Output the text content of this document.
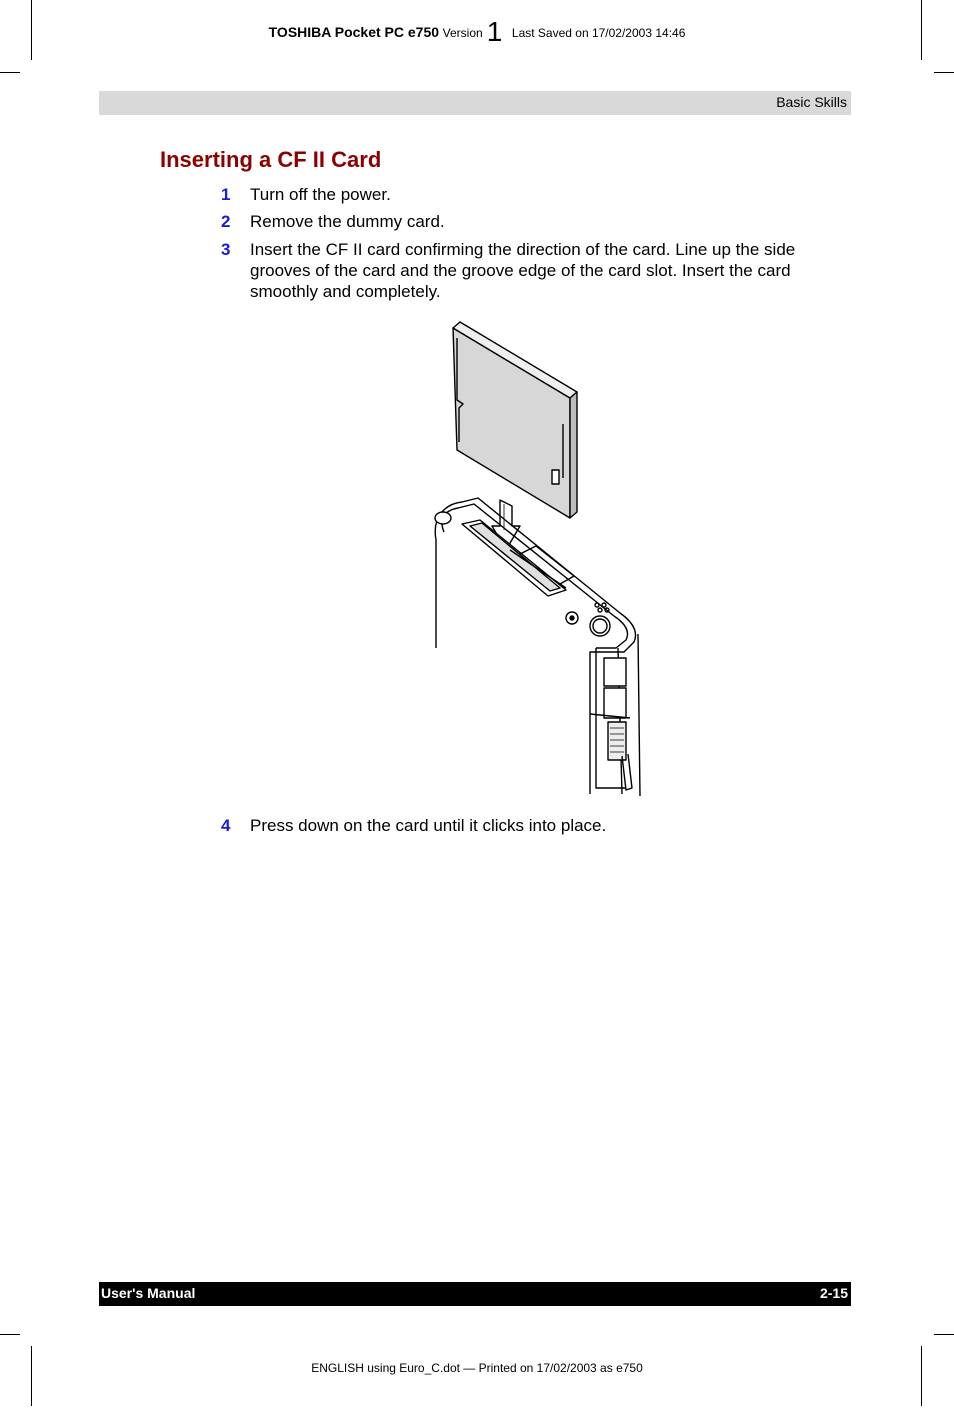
TOSHIBA Pocket PC e750 Version 1 Last Saved on 17/02/2003 14:46
Basic Skills
Inserting a CF II Card
1	Turn off the power.
2	Remove the dummy card.
3	Insert the CF II card confirming the direction of the card. Line up the side grooves of the card and the groove edge of the card slot. Insert the card smoothly and completely.
4	Press down on the card until it clicks into place.
User's Manual	2-15
ENGLISH using Euro_C.dot — Printed on 17/02/2003 as e750
